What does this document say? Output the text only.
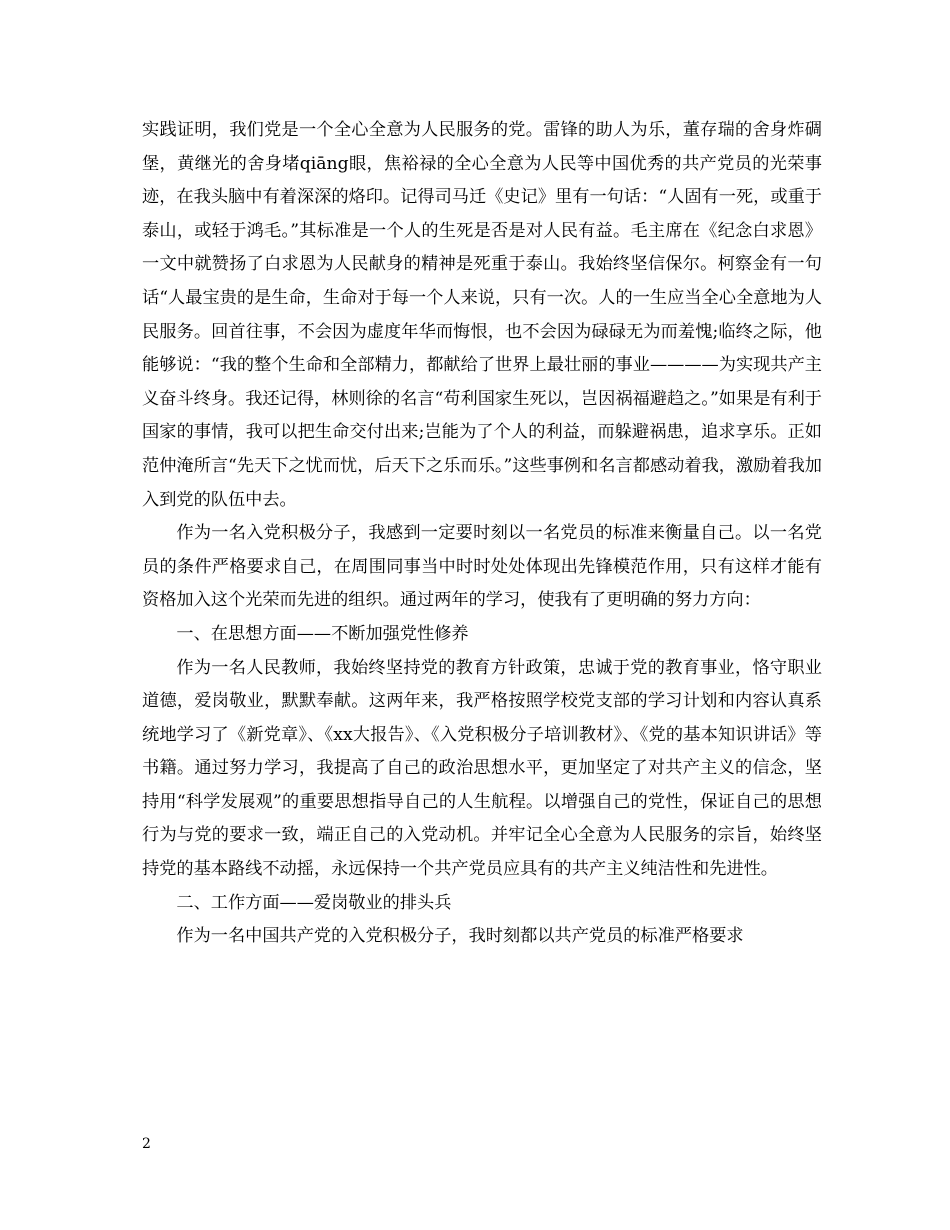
实践证明，我们党是一个全心全意为人民服务的党。雷锋的助人为乐，董存瑞的舍身炸碉堡，黄继光的舍身堵qiāng眼，焦裕禄的全心全意为人民等中国优秀的共产党员的光荣事迹，在我头脑中有着深深的烙印。记得司马迁《史记》里有一句话：“人固有一死，或重于泰山，或轻于鸿毛。”其标准是一个人的生死是否是对人民有益。毛主席在《纪念白求恩》一文中就赞扬了白求恩为人民献身的精神是死重于泰山。我始终坚信保尔。柯察金有一句话“人最宝贵的是生命，生命对于每一个人来说，只有一次。人的一生应当全心全意地为人民服务。回首往事，不会因为虚度年华而悔恨，也不会因为碌碌无为而羞愧;临终之际，他能够说：“我的整个生命和全部精力，都献给了世界上最壮丽的事业————为实现共产主义奋斗终身。我还记得，林则徐的名言“苟利国家生死以，岂因祸福避趋之。”如果是有利于国家的事情，我可以把生命交付出来;岂能为了个人的利益，而躲避祸患，追求享乐。正如范仲淹所言“先天下之忧而忧，后天下之乐而乐。”这些事例和名言都感动着我，激励着我加入到党的队伍中去。

作为一名入党积极分子，我感到一定要时刻以一名党员的标准来衡量自己。以一名党员的条件严格要求自己，在周围同事当中时时处处体现出先锋模范作用，只有这样才能有资格加入这个光荣而先进的组织。通过两年的学习，使我有了更明确的努力方向：

一、在思想方面——不断加强党性修养

作为一名人民教师，我始终坚持党的教育方针政策，忠诚于党的教育事业，恪守职业道德，爱岗敬业，默默奉献。这两年来，我严格按照学校党支部的学习计划和内容认真系统地学习了《新党章》、《xx大报告》、《入党积极分子培训教材》、《党的基本知识讲话》等书籍。通过努力学习，我提高了自己的政治思想水平，更加坚定了对共产主义的信念，坚持用“科学发展观”的重要思想指导自己的人生航程。以增强自己的党性，保证自己的思想行为与党的要求一致，端正自己的入党动机。并牢记全心全意为人民服务的宗旨，始终坚持党的基本路线不动摇，永远保持一个共产党员应具有的共产主义纯洁性和先进性。

二、工作方面——爱岗敬业的排头兵

作为一名中国共产党的入党积极分子，我时刻都以共产党员的标准严格要求

2
